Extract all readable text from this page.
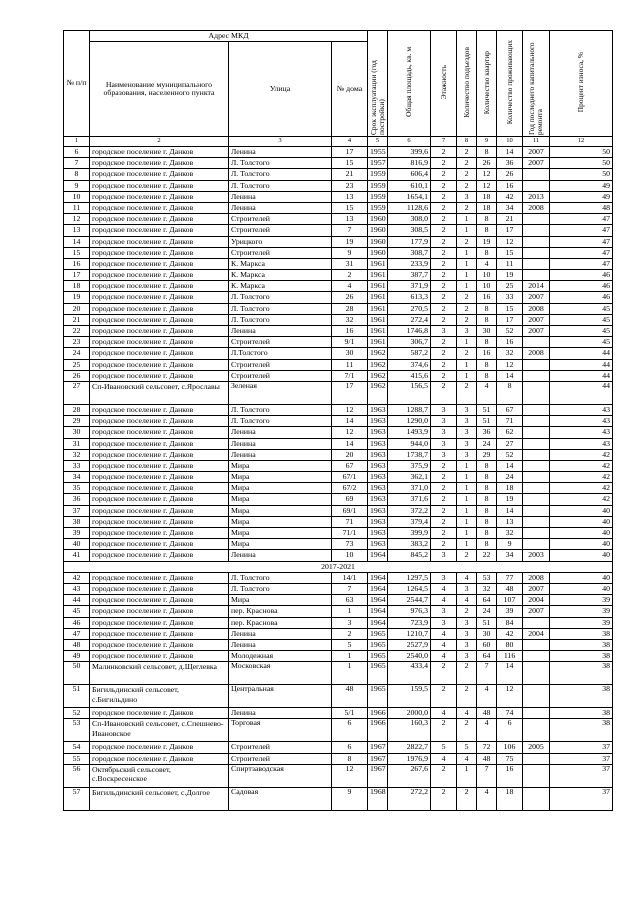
№ п/п	Адрес МКД			Срок эксплуатации (год постройки)	Общая площадь, кв. м	Этажность	Количество подъездов	Количество квартир	Количество проживающих	Год последнего капитального ремонта	Процент износа, %
	Наименование муниципального образования, населенного пункта	Улица	№ дома								
1	2	3	4	5	6	7	8	9	10	11	12
6	городское поселение г. Данков	Ленина	17	1955	399,6	2	2	8	14	2007	50
7	городское поселение г. Данков	Л. Толстого	15	1957	816,9	2	2	26	36	2007	50
8	городское поселение г. Данков	Л. Толстого	21	1959	606,4	2	2	12	26		50
9	городское поселение г. Данков	Л. Толстого	23	1959	610,1	2	2	12	16		49
10	городское поселение г. Данков	Ленина	13	1959	1654,1	2	3	18	42	2013	49
11	городское поселение г. Данков	Ленина	15	1959	1128,6	2	2	18	34	2008	48
12	городское поселение г. Данков	Строителей	13	1960	308,0	2	1	8	21		47
13	городское поселение г. Данков	Строителей	7	1960	308,5	2	1	8	17		47
14	городское поселение г. Данков	Урицкого	19	1960	177,9	2	2	19	12		47
15	городское поселение г. Данков	Строителей	9	1960	308,7	2	1	8	15		47
16	городское поселение г. Данков	К. Маркса	31	1961	233,9	2	1	4	11		47
17	городское поселение г. Данков	К. Маркса	2	1961	387,7	2	1	10	19		46
18	городское поселение г. Данков	К. Маркса	4	1961	371,9	2	1	10	25	2014	46
19	городское поселение г. Данков	Л. Толстого	26	1961	613,3	2	2	16	33	2007	46
20	городское поселение г. Данков	Л. Толстого	28	1961	270,5	2	2	8	15	2008	45
21	городское поселение г. Данков	Л. Толстого	32	1961	272,4	2	2	8	17	2007	45
22	городское поселение г. Данков	Ленина	16	1961	1746,8	3	3	30	52	2007	45
23	городское поселение г. Данков	Строителей	9/1	1961	306,7	2	1	8	16		45
24	городское поселение г. Данков	Л.Толстого	30	1962	587,2	2	2	16	32	2008	44
25	городское поселение г. Данков	Строителей	11	1962	374,6	2	1	8	12		44
26	городское поселение г. Данков	Строителей	7/1	1962	415,6	2	1	8	14		44
27	Сп-Ивановский сельсовет, с.Ярославы	Зеленая	17	1962	156,5	2	2	4	8		44
28	городское поселение г. Данков	Л. Толстого	12	1963	1288,7	3	3	51	67		43
29	городское поселение г. Данков	Л. Толстого	14	1963	1290,0	3	3	51	71		43
30	городское поселение г. Данков	Ленина	12	1963	1493,9	3	3	36	62		43
31	городское поселение г. Данков	Ленина	14	1963	944,0	3	3	24	27		43
32	городское поселение г. Данков	Ленина	20	1963	1738,7	3	3	29	52		42
33	городское поселение г. Данков	Мира	67	1963	375,9	2	1	8	14		42
34	городское поселение г. Данков	Мира	67/1	1963	362,1	2	1	8	24		42
35	городское поселение г. Данков	Мира	67/2	1963	371,0	2	1	8	18		42
36	городское поселение г. Данков	Мира	69	1963	371,6	2	1	8	19		42
37	городское поселение г. Данков	Мира	69/1	1963	372,2	2	1	8	14		40
38	городское поселение г. Данков	Мира	71	1963	379,4	2	1	8	13		40
39	городское поселение г. Данков	Мира	71/1	1963	399,9	2	1	8	32		40
40	городское поселение г. Данков	Мира	73	1963	383,2	2	1	8	9		40
41	городское поселение г. Данков	Ленина	10	1964	845,2	3	2	22	34	2003	40
2017-2021											
42	городское поселение г. Данков	Л. Толстого	14/1	1964	1297,5	3	4	53	77	2008	40
43	городское поселение г. Данков	Л. Толстого	7	1964	1264,5	4	3	32	48	2007	40
44	городское поселение г. Данков	Мира	63	1964	2544,7	4	4	64	107	2004	39
45	городское поселение г. Данков	пер. Краснова	1	1964	976,3	3	2	24	39	2007	39
46	городское поселение г. Данков	пер. Краснова	3	1964	723,9	3	3	51	84		39
47	городское поселение г. Данков	Ленина	2	1965	1210,7	4	3	30	42	2004	38
48	городское поселение г. Данков	Ленина	5	1965	2527,9	4	3	60	80		38
49	городское поселение г. Данков	Молодежная	1	1965	2540,0	4	3	64	116		38
50	Малинковский сельсовет, д.Щеглевка	Московская	1	1965	433,4	2	2	7	14		38
51	Бигильдинский сельсовет, с.Бигильдино	Центральная	48	1965	159,5	2	2	4	12		38
52	городское поселение г. Данков	Ленина	5/1	1966	2000,0	4	4	48	74		38
53	Сп-Ивановский сельсовет, с.Спешнево-Ивановское	Торговая	6	1966	160,3	2	2	4	6		38
54	городское поселение г. Данков	Строителей	6	1967	2822,7	5	5	72	106	2005	37
55	городское поселение г. Данков	Строителей	8	1967	1976,9	4	4	48	75		37
56	Октябрьский сельсовет, с.Воскресенское	Спиртзаводская	12	1967	267,6	2	1	7	16		37
57	Бигильдинский сельсовет, с.Долгое	Садовая	9	1968	272,2	2	2	4	18		37
